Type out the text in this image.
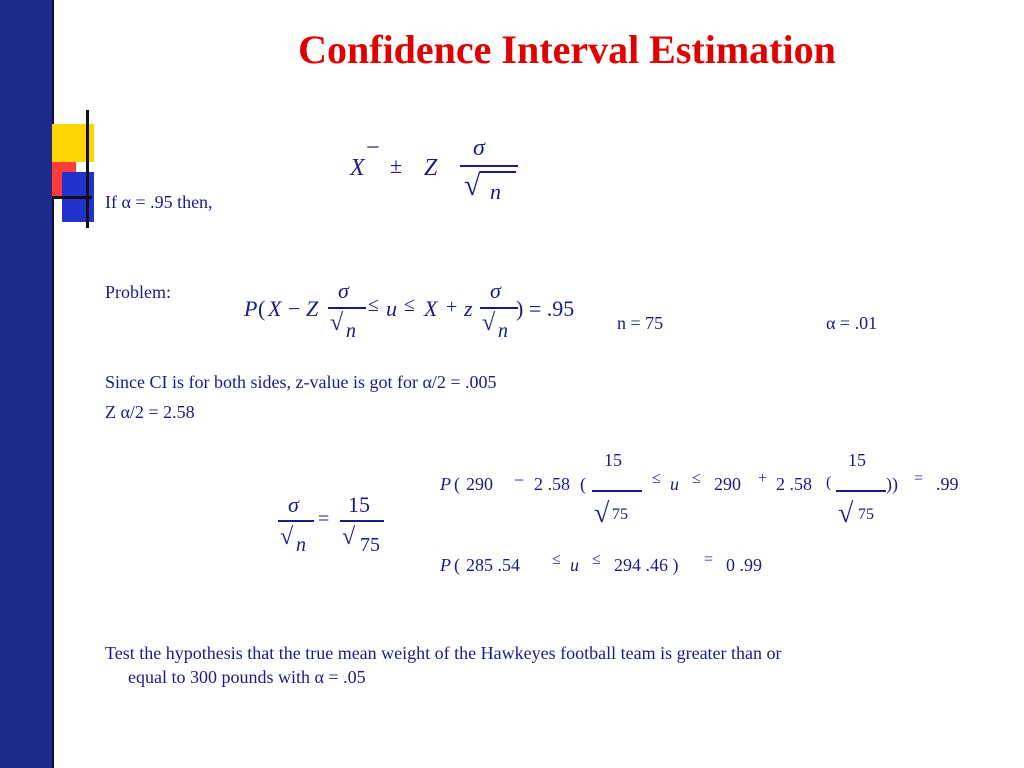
Confidence Interval Estimation
X
−
± Z
σ
√ n
If α = .95 then,
Problem:
P ( X − Z
σ
√ n
≤ u ≤ X + z
σ
√ n
) = .95
n = 75	α = .01
Since CI is for both sides, z-value is got for α/2 = .005
Z α/2 = 2.58
σ
√ n
=
15
√ 75
P ( 290 − 2 .58 (
15
√ 75
≤ u ≤ 290 + 2 .58 (
15
√ 75
)) = .99
P ( 285 .54 ≤ u ≤ 294 .46 ) = 0 .99
Test the hypothesis that the true mean weight of the Hawkeyes football team is greater than or
equal to 300 pounds with α = .05
